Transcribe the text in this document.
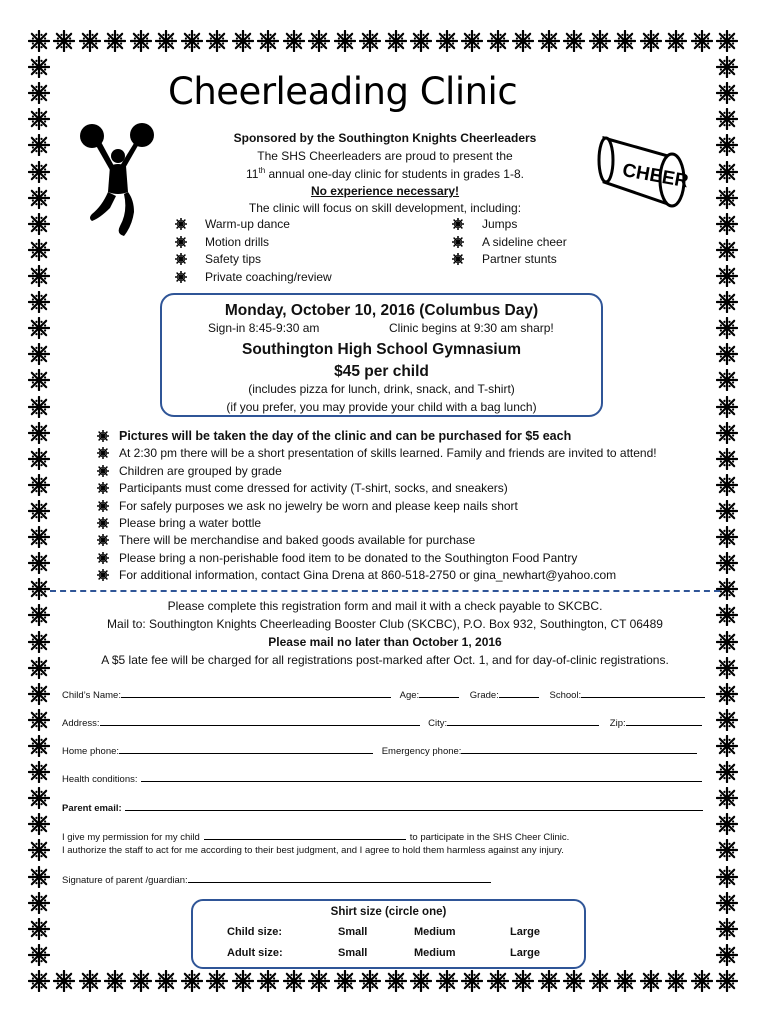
Cheerleading Clinic
CHEER
Sponsored by the Southington Knights Cheerleaders
The SHS Cheerleaders are proud to present the
11th annual one-day clinic for students in grades 1-8.
No experience necessary!
The clinic will focus on skill development, including:
Warm-up dance
Motion drills
Safety tips
Private coaching/review
Jumps
A sideline cheer
Partner stunts
Monday, October 10, 2016 (Columbus Day)
Sign-in 8:45-9:30 am	Clinic begins at 9:30 am sharp!
Southington High School Gymnasium
$45 per child
(includes pizza for lunch, drink, snack, and T-shirt)
(if you prefer, you may provide your child with a bag lunch)
Pictures will be taken the day of the clinic and can be purchased for $5 each
At 2:30 pm there will be a short presentation of skills learned. Family and friends are invited to attend!
Children are grouped by grade
Participants must come dressed for activity (T-shirt, socks, and sneakers)
For safely purposes we ask no jewelry be worn and please keep nails short
Please bring a water bottle
There will be merchandise and baked goods available for purchase
Please bring a non-perishable food item to be donated to the Southington Food Pantry
For additional information, contact Gina Drena at 860-518-2750 or gina_newhart@yahoo.com
Please complete this registration form and mail it with a check payable to SKCBC.
Mail to: Southington Knights Cheerleading Booster Club (SKCBC), P.O. Box 932, Southington, CT 06489
Please mail no later than October 1, 2016
A $5 late fee will be charged for all registrations post-marked after Oct. 1, and for day-of-clinic registrations.
Child’s Name:	Age:	Grade:	School:
Address:	City:	Zip:
Home phone:	Emergency phone:
Health conditions:
Parent email:
I give my permission for my child	to participate in the SHS Cheer Clinic.
I authorize the staff to act for me according to their best judgment, and I agree to hold them harmless against any injury.
Signature of parent /guardian:
Shirt size (circle one)
Child size:	Small	Medium	Large
Adult size:	Small	Medium	Large
